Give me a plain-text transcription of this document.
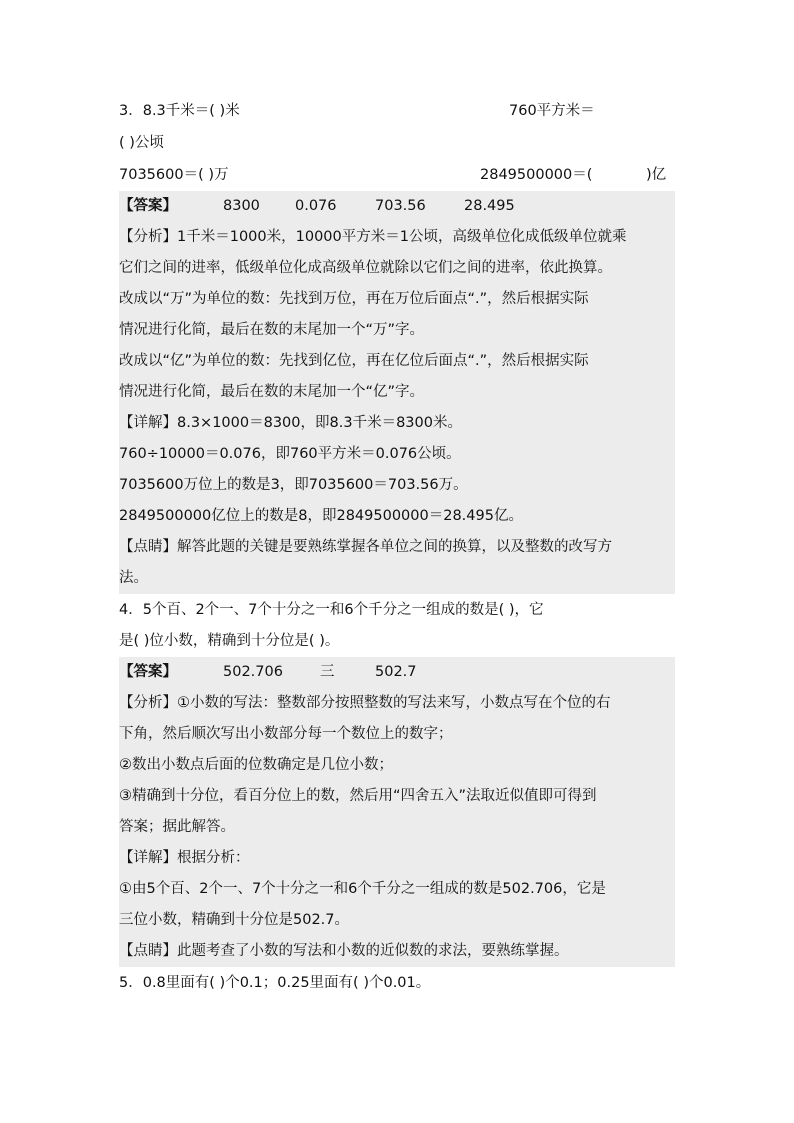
3．8.3千米＝( )米	760平方米＝
( )公顷
7035600＝( )万	2849500000＝(	)亿
【答案】	8300 0.076	703.56	28.495
【分析】1千米＝1000米，10000平方米＝1公顷，高级单位化成低级单位就乘
它们之间的进率，低级单位化成高级单位就除以它们之间的进率，依此换算。
改成以“万”为单位的数：先找到万位，再在万位后面点“.”，然后根据实际
情况进行化简，最后在数的末尾加一个“万”字。
改成以“亿”为单位的数：先找到亿位，再在亿位后面点“.”，然后根据实际
情况进行化简，最后在数的末尾加一个“亿”字。
【详解】8.3×1000＝8300，即8.3千米＝8300米。
760÷10000＝0.076，即760平方米＝0.076公顷。
7035600万位上的数是3，即7035600＝703.56万。
2849500000亿位上的数是8，即2849500000＝28.495亿。
【点睛】解答此题的关键是要熟练掌握各单位之间的换算，以及整数的改写方
法。
4．5个百、2个一、7个十分之一和6个千分之一组成的数是( )，它
是( )位小数，精确到十分位是( )。
【答案】	502.706	三	502.7
【分析】①小数的写法：整数部分按照整数的写法来写，小数点写在个位的右
下角，然后顺次写出小数部分每一个数位上的数字；
②数出小数点后面的位数确定是几位小数；
③精确到十分位，看百分位上的数，然后用“四舍五入”法取近似值即可得到
答案；据此解答。
【详解】根据分析：
①由5个百、2个一、7个十分之一和6个千分之一组成的数是502.706，它是
三位小数，精确到十分位是502.7。
【点睛】此题考查了小数的写法和小数的近似数的求法，要熟练掌握。
5．0.8里面有( )个0.1；0.25里面有( )个0.01。
